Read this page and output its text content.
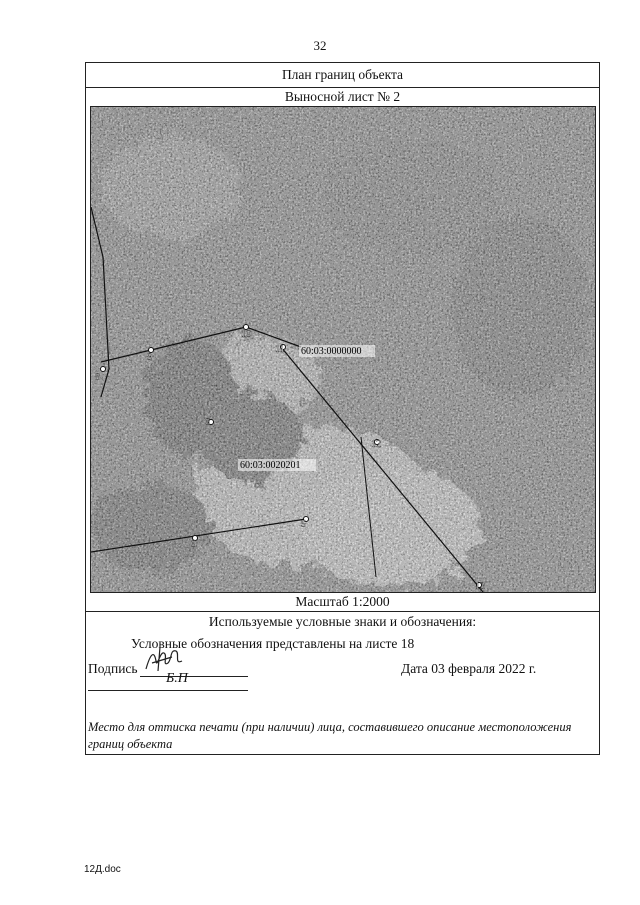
32
План границ объекта
Выносной лист № 2
6
8
9
10
11
12
13
5
6
60:03:0000000
60:03:0020201
Масштаб 1:2000
Используемые условные знаки и обозначения:
Условные обозначения представлены на листе 18
Подпись
Б.П
Дата 03 февраля 2022 г.
Место для оттиска печати (при наличии) лица, составившего описание местоположения границ объекта
12Д.doc
